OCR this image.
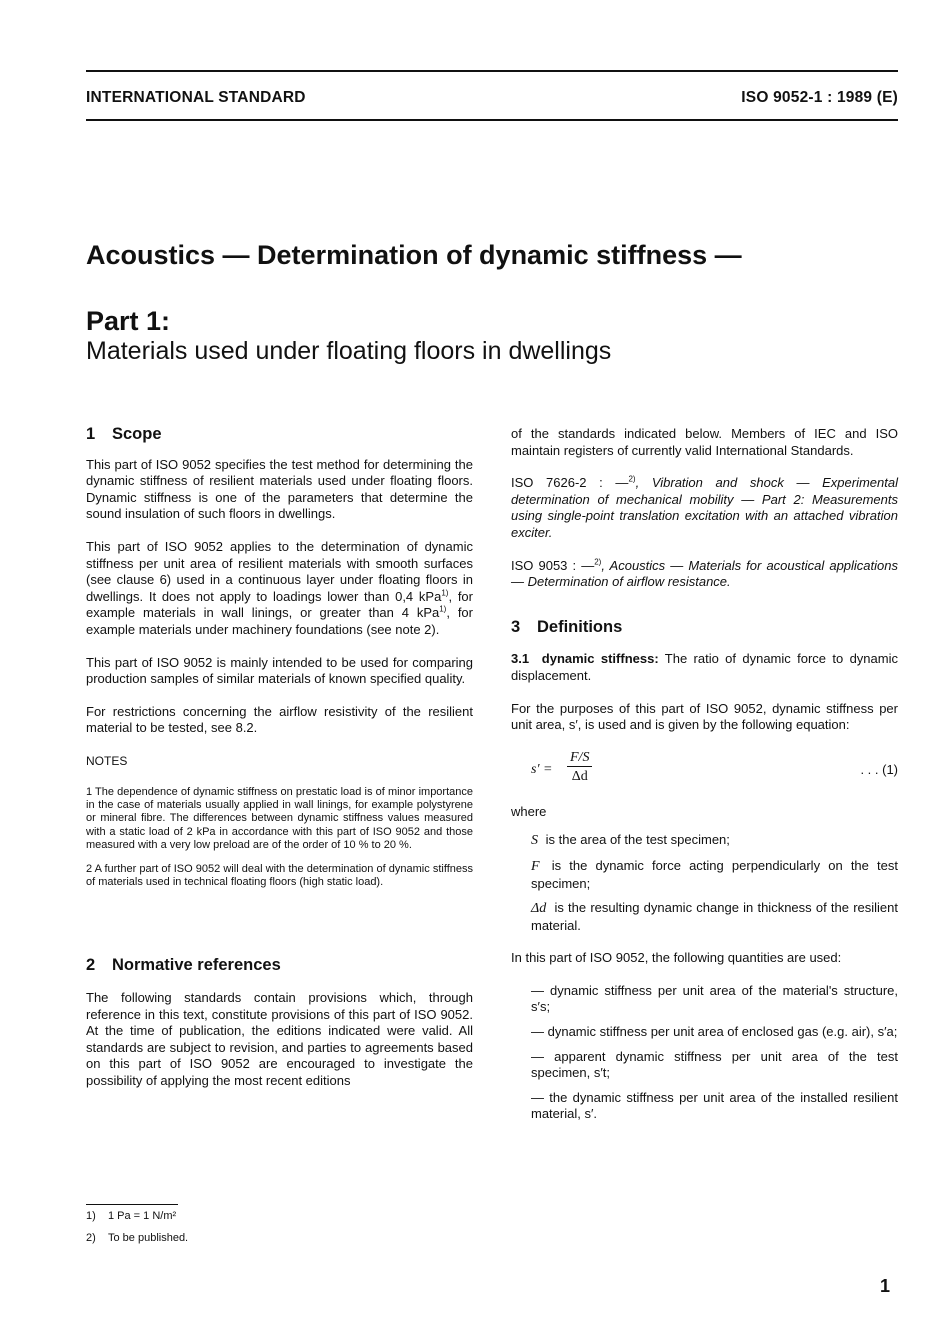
INTERNATIONAL STANDARD	ISO 9052-1 : 1989 (E)
Acoustics — Determination of dynamic stiffness —
Part 1:
Materials used under floating floors in dwellings
1 Scope

This part of ISO 9052 specifies the test method for determining the dynamic stiffness of resilient materials used under floating floors. Dynamic stiffness is one of the parameters that determine the sound insulation of such floors in dwellings.

This part of ISO 9052 applies to the determination of dynamic stiffness per unit area of resilient materials with smooth surfaces (see clause 6) used in a continuous layer under floating floors in dwellings. It does not apply to loadings lower than 0,4 kPa$^{1)}$, for example materials in wall linings, or greater than 4 kPa$^{1)}$, for example materials under machinery foundations (see note 2).

This part of ISO 9052 is mainly intended to be used for comparing production samples of similar materials of known specified quality.

For restrictions concerning the airflow resistivity of the resilient material to be tested, see 8.2.

NOTES

1 The dependence of dynamic stiffness on prestatic load is of minor importance in the case of materials usually applied in wall linings, for example polystyrene or mineral fibre. The differences between dynamic stiffness values measured with a static load of 2 kPa in accordance with this part of ISO 9052 and those measured with a very low preload are of the order of 10 % to 20 %.

2 A further part of ISO 9052 will deal with the determination of dynamic stiffness of materials used in technical floating floors (high static load).

2 Normative references

The following standards contain provisions which, through reference in this text, constitute provisions of this part of ISO 9052. At the time of publication, the editions indicated were valid. All standards are subject to revision, and parties to agreements based on this part of ISO 9052 are encouraged to investigate the possibility of applying the most recent editions

of the standards indicated below. Members of IEC and ISO maintain registers of currently valid International Standards.

ISO 7626-2 : —$^{2)}$, Vibration and shock — Experimental determination of mechanical mobility — Part 2: Measurements using single-point translation excitation with an attached vibration exciter.

ISO 9053 : —$^{2)}$, Acoustics — Materials for acoustical applications — Determination of airflow resistance.

3 Definitions

3.1 dynamic stiffness: The ratio of dynamic force to dynamic displacement.

For the purposes of this part of ISO 9052, dynamic stiffness per unit area, s′, is used and is given by the following equation:

$s' = \frac{F/S}{\Delta d}$	. . . (1)

where

S is the area of the test specimen;

F is the dynamic force acting perpendicularly on the test specimen;

Δd is the resulting dynamic change in thickness of the resilient material.

In this part of ISO 9052, the following quantities are used:

— dynamic stiffness per unit area of the material's structure, s′s;

— dynamic stiffness per unit area of enclosed gas (e.g. air), s′a;

— apparent dynamic stiffness per unit area of the test specimen, s′t;

— the dynamic stiffness per unit area of the installed resilient material, s′.

1) 1 Pa = 1 N/m²
2) To be published.
1
